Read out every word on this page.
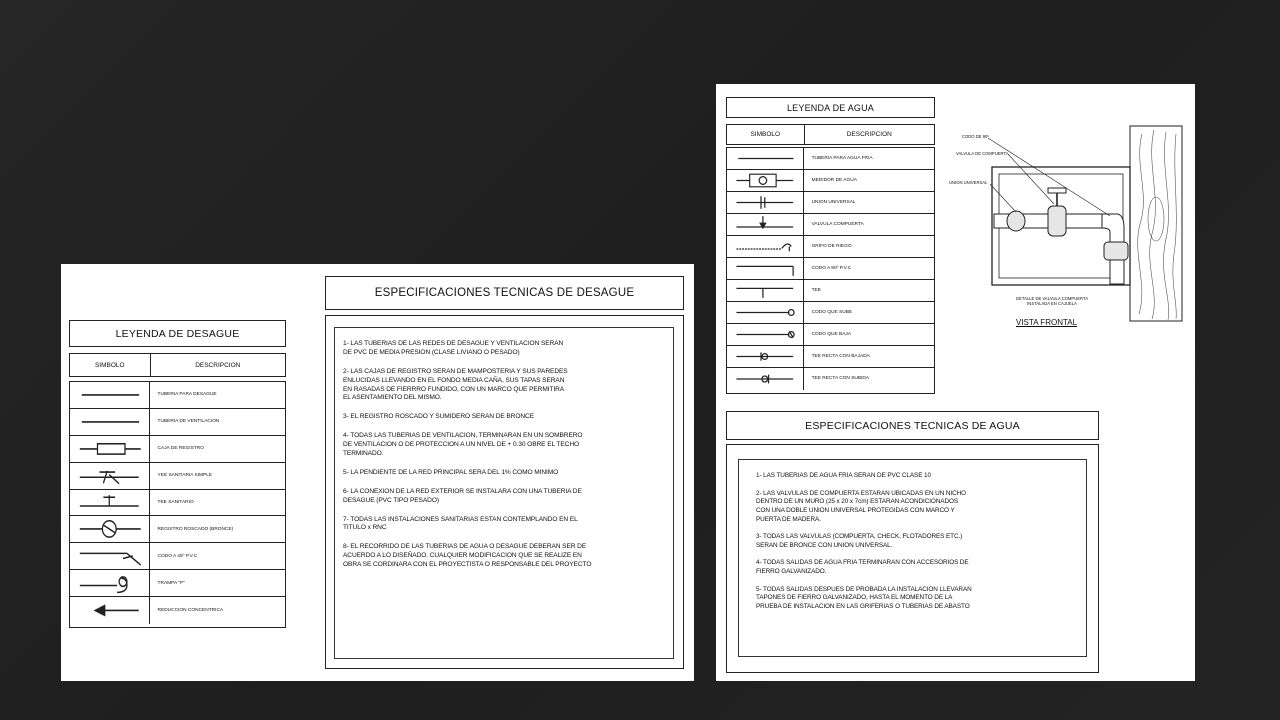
LEYENDA DE DESAGUE
SIMBOLO	DESCRIPCION
TUBERIA PARA DESAGUE
TUBERIA DE VENTILACION
CAJA DE REGISTRO
YEE SANITARIA SIMPLE
TEE SANITARIO
REGISTRO ROSCADO (BRONCE)
CODO A 45º P.V.C
TRAMPA "P"
REDUCCION CONCENTRICA
ESPECIFICACIONES TECNICAS DE DESAGUE

1- LAS TUBERIAS DE LAS REDES DE DESAGUE Y VENTILACION SERAN
DE PVC DE MEDIA PRESION (CLASE LIVIANO O PESADO)

2- LAS CAJAS DE REGISTRO SERAN DE MAMPOSTERIA Y SUS PAREDES
ENLUCIDAS LLEVANDO EN EL FONDO MEDIA CAÑA, SUS TAPAS SERAN
EN RASADAS DE FIERRRO FUNDIDO, CON UN MARCO QUE PERMITIRA
EL ASENTAMIENTO DEL MISMO.

3- EL REGISTRO ROSCADO Y SUMIDERO SERAN DE BRONCE

4- TODAS LAS TUBERIAS DE VENTILACION, TERMINARAN EN UN SOMBRERO
DE VENTILACION O DE PROTECCION A UN NIVEL DE + 0.30 OBRE EL TECHO
TERMINADO.

5- LA PENDIENTE DE LA RED PRINCIPAL SERA DEL 1% COMO MINIMO

6- LA CONEXION DE LA RED EXTERIOR SE INSTALARA CON UNA TUBERIA DE
DESAGUE (PVC TIPO PESADO)

7- TODAS LAS INSTALACIONES SANITARIAS ESTAN CONTEMPLANDO EN EL
TITULO x RNC

8- EL RECORRIDO DE LAS TUBERIAS DE AGUA O DESAGUE DEBERAN SER DE
ACUERDO A LO DISEÑADO. CUALQUIER MODIFICACION QUE SE REALIZE EN
OBRA SE CORDINARA CON EL PROYECTISTA O RESPONSABLE DEL PROYECTO

LEYENDA DE AGUA
SIMBOLO	DESCRIPCION
TUBERIA PARA AGUA FRIA
MEDIDOR DE AGUA
UNION UNIVERSAL
VALVULA COMPUERTA
GRIFO DE RIEGO
CODO A 90º P.V.C
TEE
CODO QUE SUBE
CODO QUE BAJA
TEE RECTA CON BAJADA
TEE RECTA CON SUBIDA
CODO DE 90º
VALVULA DE COMPUERTA
UNION UNIVERSAL
DETALLE DE VALVULA COMPUERTA
INSTALADA EN CAJUELA
VISTA FRONTAL
ESPECIFICACIONES TECNICAS DE AGUA

1- LAS TUBERIAS DE AGUA FRIA SERAN DE PVC CLASE 10

2- LAS VALVULAS DE COMPUERTA ESTARAN UBICADAS EN UN NICHO
DENTRO DE UN MURO (25 x 20 x 7cm) ESTARAN ACONDICIONADOS
CON UNA DOBLE UNION UNIVERSAL PROTEGIDAS CON MARCO Y
PUERTA DE MADERA.

3- TODAS LAS VALVULAS (COMPUERTA, CHECK, FLOTADORES ETC.)
SERAN DE BRONCE CON UNION UNIVERSAL.

4- TODAS SALIDAS DE AGUA FRIA TERMINARAN CON ACCESORIOS DE
FIERRO GALVANIZADO.

5- TODAS SALIDAS DESPUES DE PROBADA LA INSTALACION LLEVARAN
TAPONES DE FIERRO GALVANIZADO, HASTA EL MOMENTO DE LA
PRUEBA DE INSTALACION EN LAS GRIFERIAS O TUBERIAS DE ABASTO
